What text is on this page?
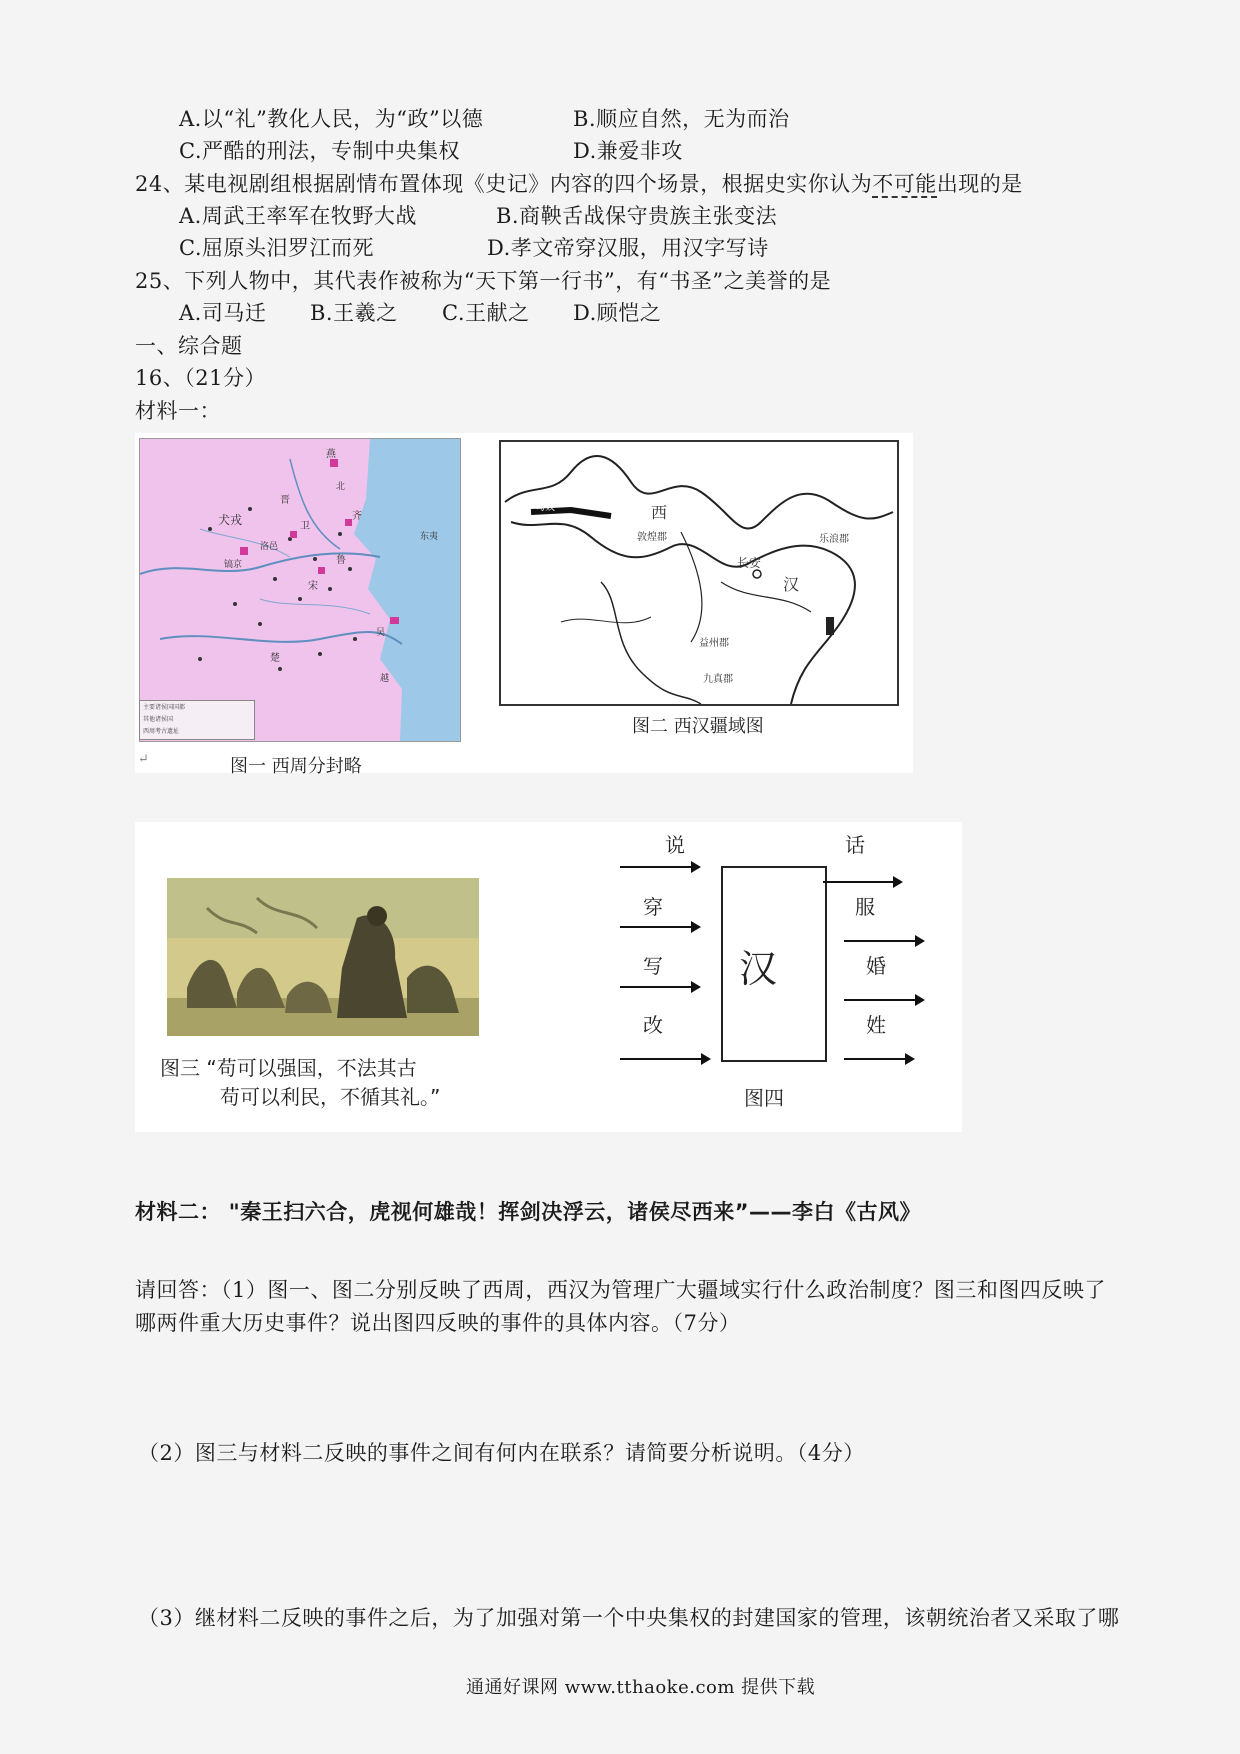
A.以“礼”教化人民，为“政”以德	B.顺应自然，无为而治
C.严酷的刑法，专制中央集权	D.兼爱非攻
24、某电视剧组根据剧情布置体现《史记》内容的四个场景，根据史实你认为不可能出现的是
A.周武王率军在牧野大战	B.商鞅舌战保守贵族主张变法
C.屈原头汨罗江而死	D.孝文帝穿汉服，用汉字写诗
25、下列人物中，其代表作被称为“天下第一行书”，有“书圣”之美誉的是
A.司马迁 B.王羲之 C.王献之 D.顾恺之
一、综合题
16、（21分）
材料一：
犬戎
燕
齐
鲁
宋
卫
晋
楚
吴
越
镐京
洛邑
北
东夷
主要诸侯国国都
其他诸侯国
西周考古遗址
图一 西周分封略
↵
西
汉
长安
匈奴
敦煌郡	乐浪郡
益州郡
九真郡
图二 西汉疆域图
图三 “苟可以强国，不法其古
苟可以利民，不循其礼。”
汉
说
穿
写
改
话
服
婚
姓
图四
材料二： "秦王扫六合，虎视何雄哉！挥剑决浮云，诸侯尽西来”——李白《古风》
请回答：（1）图一、图二分别反映了西周，西汉为管理广大疆域实行什么政治制度？图三和图四反映了
哪两件重大历史事件？说出图四反映的事件的具体内容。（7分）
（2）图三与材料二反映的事件之间有何内在联系？请简要分析说明。（4分）
（3）继材料二反映的事件之后，为了加强对第一个中央集权的封建国家的管理，该朝统治者又采取了哪
通通好课网 www.tthaoke.com 提供下载
